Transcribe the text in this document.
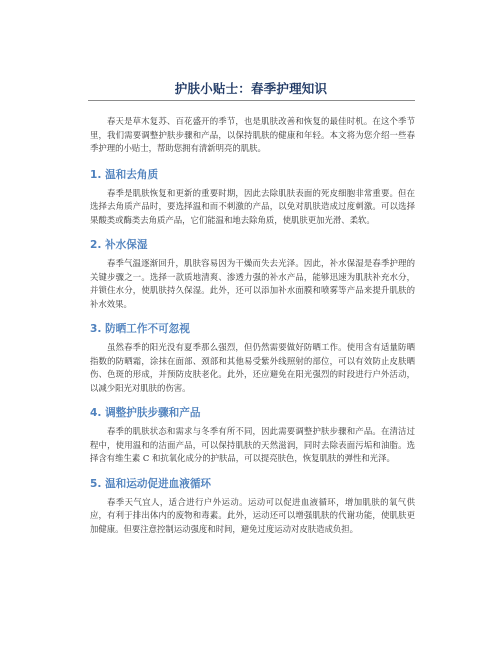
护肤小贴士：春季护理知识

春天是草木复苏、百花盛开的季节，也是肌肤改善和恢复的最佳时机。在这个季节里，我们需要调整护肤步骤和产品，以保持肌肤的健康和年轻。本文将为您介绍一些春季护理的小贴士，帮助您拥有清新明亮的肌肤。

1. 温和去角质

春季是肌肤恢复和更新的重要时期，因此去除肌肤表面的死皮细胞非常重要。但在选择去角质产品时，要选择温和而不刺激的产品，以免对肌肤造成过度刺激。可以选择果酸类或酶类去角质产品，它们能温和地去除角质，使肌肤更加光滑、柔软。

2. 补水保湿

春季气温逐渐回升，肌肤容易因为干燥而失去光泽。因此，补水保湿是春季护理的关键步骤之一。选择一款质地清爽、渗透力强的补水产品，能够迅速为肌肤补充水分，并锁住水分，使肌肤持久保湿。此外，还可以添加补水面膜和喷雾等产品来提升肌肤的补水效果。

3. 防晒工作不可忽视

虽然春季的阳光没有夏季那么强烈，但仍然需要做好防晒工作。使用含有适量防晒指数的防晒霜，涂抹在面部、颈部和其他易受紫外线照射的部位，可以有效防止皮肤晒伤、色斑的形成，并预防皮肤老化。此外，还应避免在阳光强烈的时段进行户外活动，以减少阳光对肌肤的伤害。

4. 调整护肤步骤和产品

春季的肌肤状态和需求与冬季有所不同，因此需要调整护肤步骤和产品。在清洁过程中，使用温和的洁面产品，可以保持肌肤的天然滋润，同时去除表面污垢和油脂。选择含有维生素 C 和抗氧化成分的护肤品，可以提亮肤色，恢复肌肤的弹性和光泽。

5. 温和运动促进血液循环

春季天气宜人，适合进行户外运动。运动可以促进血液循环，增加肌肤的氧气供应，有利于排出体内的废物和毒素。此外，运动还可以增强肌肤的代谢功能，使肌肤更加健康。但要注意控制运动强度和时间，避免过度运动对皮肤造成负担。
